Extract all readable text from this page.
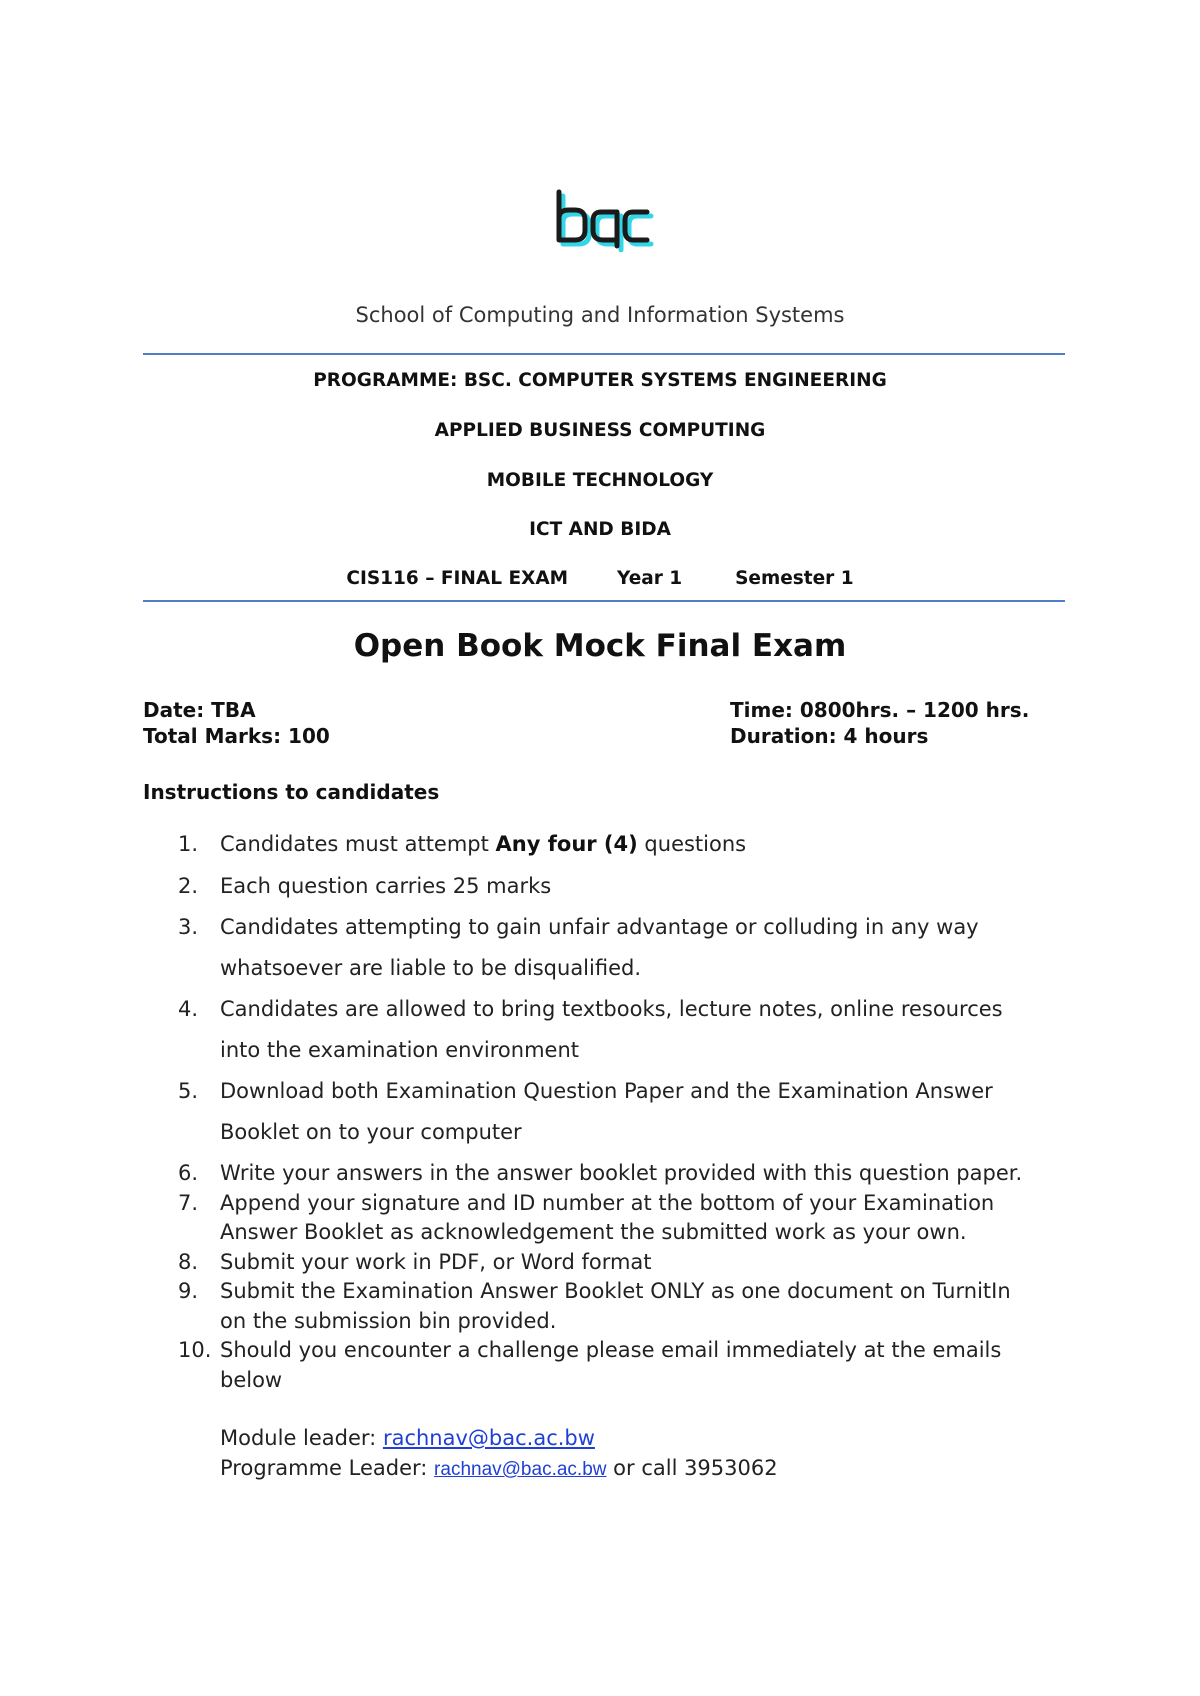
School of Computing and Information Systems
PROGRAMME: BSC. COMPUTER SYSTEMS ENGINEERING
APPLIED BUSINESS COMPUTING
MOBILE TECHNOLOGY
ICT AND BIDA
CIS116 – FINAL EXAM	Year 1	Semester 1
Open Book Mock Final Exam
Date: TBA	Time: 0800hrs. – 1200 hrs.
Total Marks: 100	Duration: 4 hours
Instructions to candidates
1.	Candidates must attempt Any four (4) questions
2.	Each question carries 25 marks
3.	Candidates attempting to gain unfair advantage or colluding in any way
whatsoever are liable to be disqualified.
4.	Candidates are allowed to bring textbooks, lecture notes, online resources
into the examination environment
5.	Download both Examination Question Paper and the Examination Answer
Booklet on to your computer
6.	Write your answers in the answer booklet provided with this question paper.
7.	Append your signature and ID number at the bottom of your Examination
Answer Booklet as acknowledgement the submitted work as your own.
8.	Submit your work in PDF, or Word format
9.	Submit the Examination Answer Booklet ONLY as one document on TurnitIn
on the submission bin provided.
10. Should you encounter a challenge please email immediately at the emails
below
Module leader: rachnav@bac.ac.bw
Programme Leader: rachnav@bac.ac.bw or call 3953062
